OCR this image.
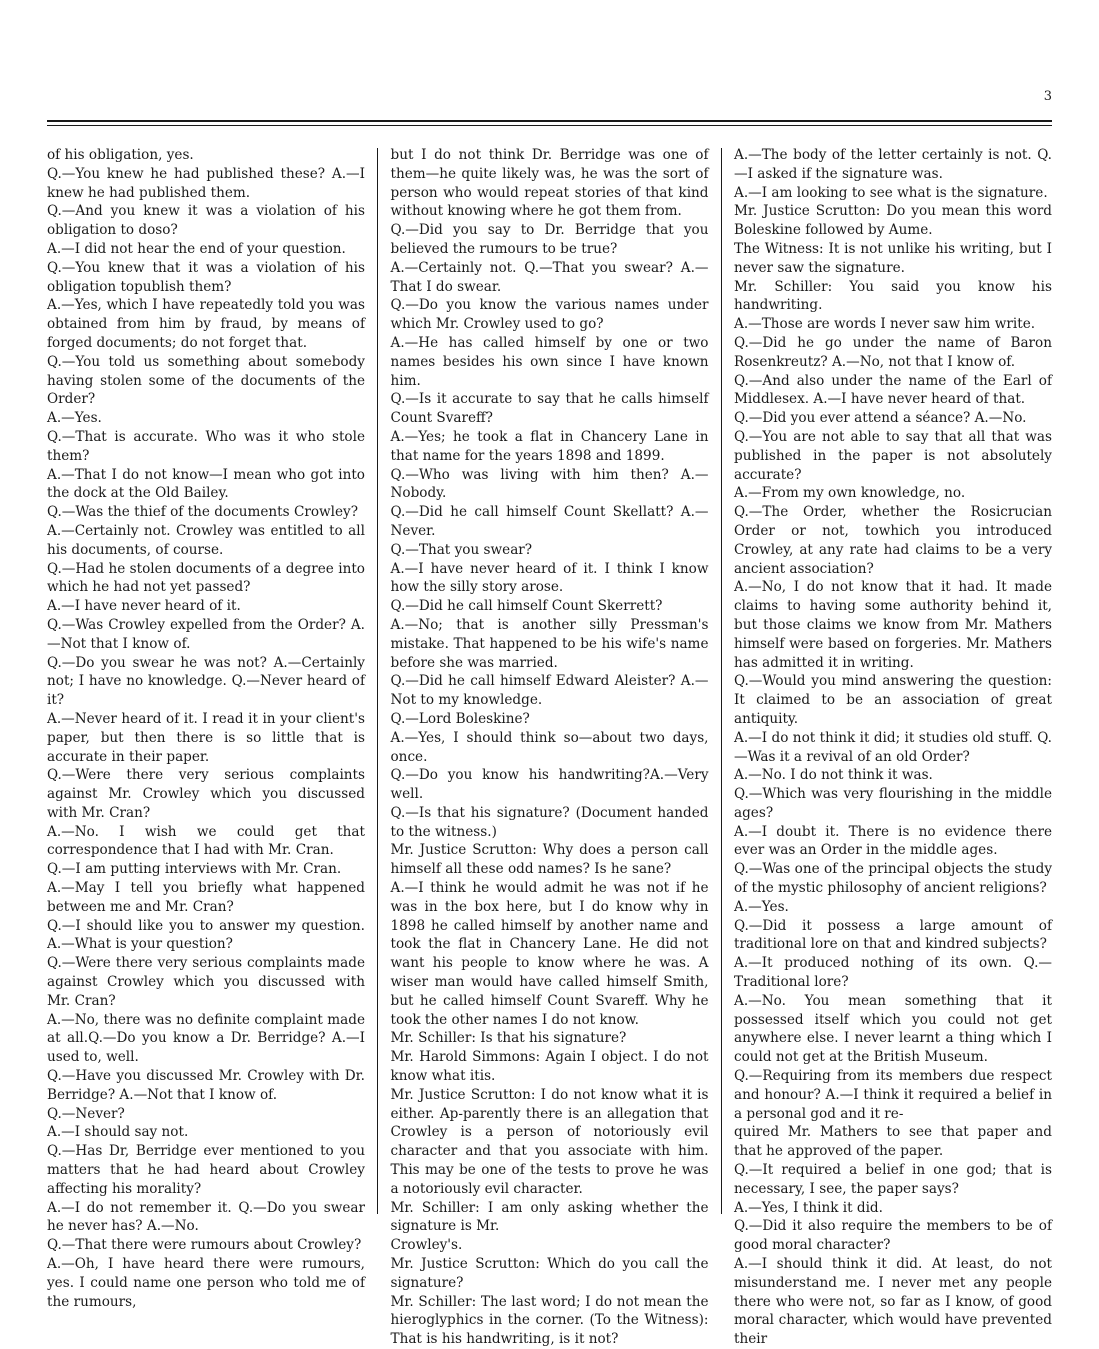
3

of his obligation, yes.

Q.—You knew he had published these? A.—I knew he had published them.

Q.—And you knew it was a violation of his obligation to doso?

A.—I did not hear the end of your question.

Q.—You knew that it was a violation of his obligation topublish them?

A.—Yes, which I have repeatedly told you was obtained from him by fraud, by means of forged documents; do not forget that.

Q.—You told us something about somebody having stolen some of the documents of the Order?

A.—Yes.

Q.—That is accurate. Who was it who stole them?

A.—That I do not know—I mean who got into the dock at the Old Bailey.

Q.—Was the thief of the documents Crowley?

A.—Certainly not. Crowley was entitled to all his documents, of course.

Q.—Had he stolen documents of a degree into which he had not yet passed?

A.—I have never heard of it.

Q.—Was Crowley expelled from the Order? A.—Not that I know of.

Q.—Do you swear he was not? A.—Certainly not; I have no knowledge. Q.—Never heard of it?

A.—Never heard of it. I read it in your client's paper, but then there is so little that is accurate in their paper.

Q.—Were there very serious complaints against Mr. Crowley which you discussed with Mr. Cran?

A.—No. I wish we could get that correspondence that I had with Mr. Cran.

Q.—I am putting interviews with Mr. Cran.

A.—May I tell you briefly what happened between me and Mr. Cran?

Q.—I should like you to answer my question. A.—What is your question?

Q.—Were there very serious complaints made against Crowley which you discussed with Mr. Cran?

A.—No, there was no definite complaint made at all.Q.—Do you know a Dr. Berridge? A.—I used to, well.

Q.—Have you discussed Mr. Crowley with Dr. Berridge? A.—Not that I know of.

Q.—Never?

A.—I should say not.

Q.—Has Dr, Berridge ever mentioned to you matters that he had heard about Crowley affecting his morality?

A.—I do not remember it. Q.—Do you swear he never has? A.—No.

Q.—That there were rumours about Crowley?

A.—Oh, I have heard there were rumours, yes. I could name one person who told me of the rumours,

but I do not think Dr. Berridge was one of them—he quite likely was, he was the sort of person who would repeat stories of that kind without knowing where he got them from.

Q.—Did you say to Dr. Berridge that you believed the rumours to be true?

A.—Certainly not. Q.—That you swear? A.—That I do swear.

Q.—Do you know the various names under which Mr. Crowley used to go?

A.—He has called himself by one or two names besides his own since I have known him.

Q.—Is it accurate to say that he calls himself Count Svareff?

A.—Yes; he took a flat in Chancery Lane in that name for the years 1898 and 1899.

Q.—Who was living with him then? A.—Nobody.

Q.—Did he call himself Count Skellatt? A.—Never.

Q.—That you swear?

A.—I have never heard of it. I think I know how the silly story arose.

Q.—Did he call himself Count Skerrett?

A.—No; that is another silly Pressman's mistake. That happened to be his wife's name before she was married.

Q.—Did he call himself Edward Aleister? A.—Not to my knowledge.

Q.—Lord Boleskine?

A.—Yes, I should think so—about two days, once.

Q.—Do you know his handwriting?A.—Very well.

Q.—Is that his signature? (Document handed to the witness.)

Mr. Justice Scrutton: Why does a person call himself all these odd names? Is he sane?

A.—I think he would admit he was not if he was in the box here, but I do know why in 1898 he called himself by another name and took the flat in Chancery Lane. He did not want his people to know where he was. A wiser man would have called himself Smith, but he called himself Count Svareff. Why he took the other names I do not know.

Mr. Schiller: Is that his signature?

Mr. Harold Simmons: Again I object. I do not know what itis.

Mr. Justice Scrutton: I do not know what it is either. Ap-parently there is an allegation that Crowley is a person of notoriously evil character and that you associate with him. This may be one of the tests to prove he was a notoriously evil character.

Mr. Schiller: I am only asking whether the signature is Mr.

Crowley's.

Mr. Justice Scrutton: Which do you call the signature?

Mr. Schiller: The last word; I do not mean the hieroglyphics in the corner. (To the Witness): That is his handwriting, is it not?

A.—The body of the letter certainly is not. Q.—I asked if the signature was.

A.—I am looking to see what is the signature.

Mr. Justice Scrutton: Do you mean this word Boleskine followed by Aume.

The Witness: It is not unlike his writing, but I never saw the signature.

Mr. Schiller: You said you know his handwriting.

A.—Those are words I never saw him write.

Q.—Did he go under the name of Baron Rosenkreutz? A.—No, not that I know of.

Q.—And also under the name of the Earl of Middlesex. A.—I have never heard of that.

Q.—Did you ever attend a séance? A.—No.

Q.—You are not able to say that all that was published in the paper is not absolutely accurate?

A.—From my own knowledge, no.

Q.—The Order, whether the Rosicrucian Order or not, towhich you introduced Crowley, at any rate had claims to be a very ancient association?

A.—No, I do not know that it had. It made claims to having some authority behind it, but those claims we know from Mr. Mathers himself were based on forgeries. Mr. Mathers has admitted it in writing.

Q.—Would you mind answering the question: It claimed to be an association of great antiquity.

A.—I do not think it did; it studies old stuff. Q.—Was it a revival of an old Order?

A.—No. I do not think it was.

Q.—Which was very flourishing in the middle ages?

A.—I doubt it. There is no evidence there ever was an Order in the middle ages.

Q.—Was one of the principal objects the study of the mystic philosophy of ancient religions?

A.—Yes.

Q.—Did it possess a large amount of traditional lore on that and kindred subjects?

A.—It produced nothing of its own. Q.—Traditional lore?

A.—No. You mean something that it possessed itself which you could not get anywhere else. I never learnt a thing which I could not get at the British Museum.

Q.—Requiring from its members due respect and honour? A.—I think it required a belief in a personal god and it re-

quired Mr. Mathers to see that paper and that he approved of the paper.

Q.—It required a belief in one god; that is necessary, I see, the paper says?

A.—Yes, I think it did.

Q.—Did it also require the members to be of good moral character?

A.—I should think it did. At least, do not misunderstand me. I never met any people there who were not, so far as I know, of good moral character, which would have prevented their
